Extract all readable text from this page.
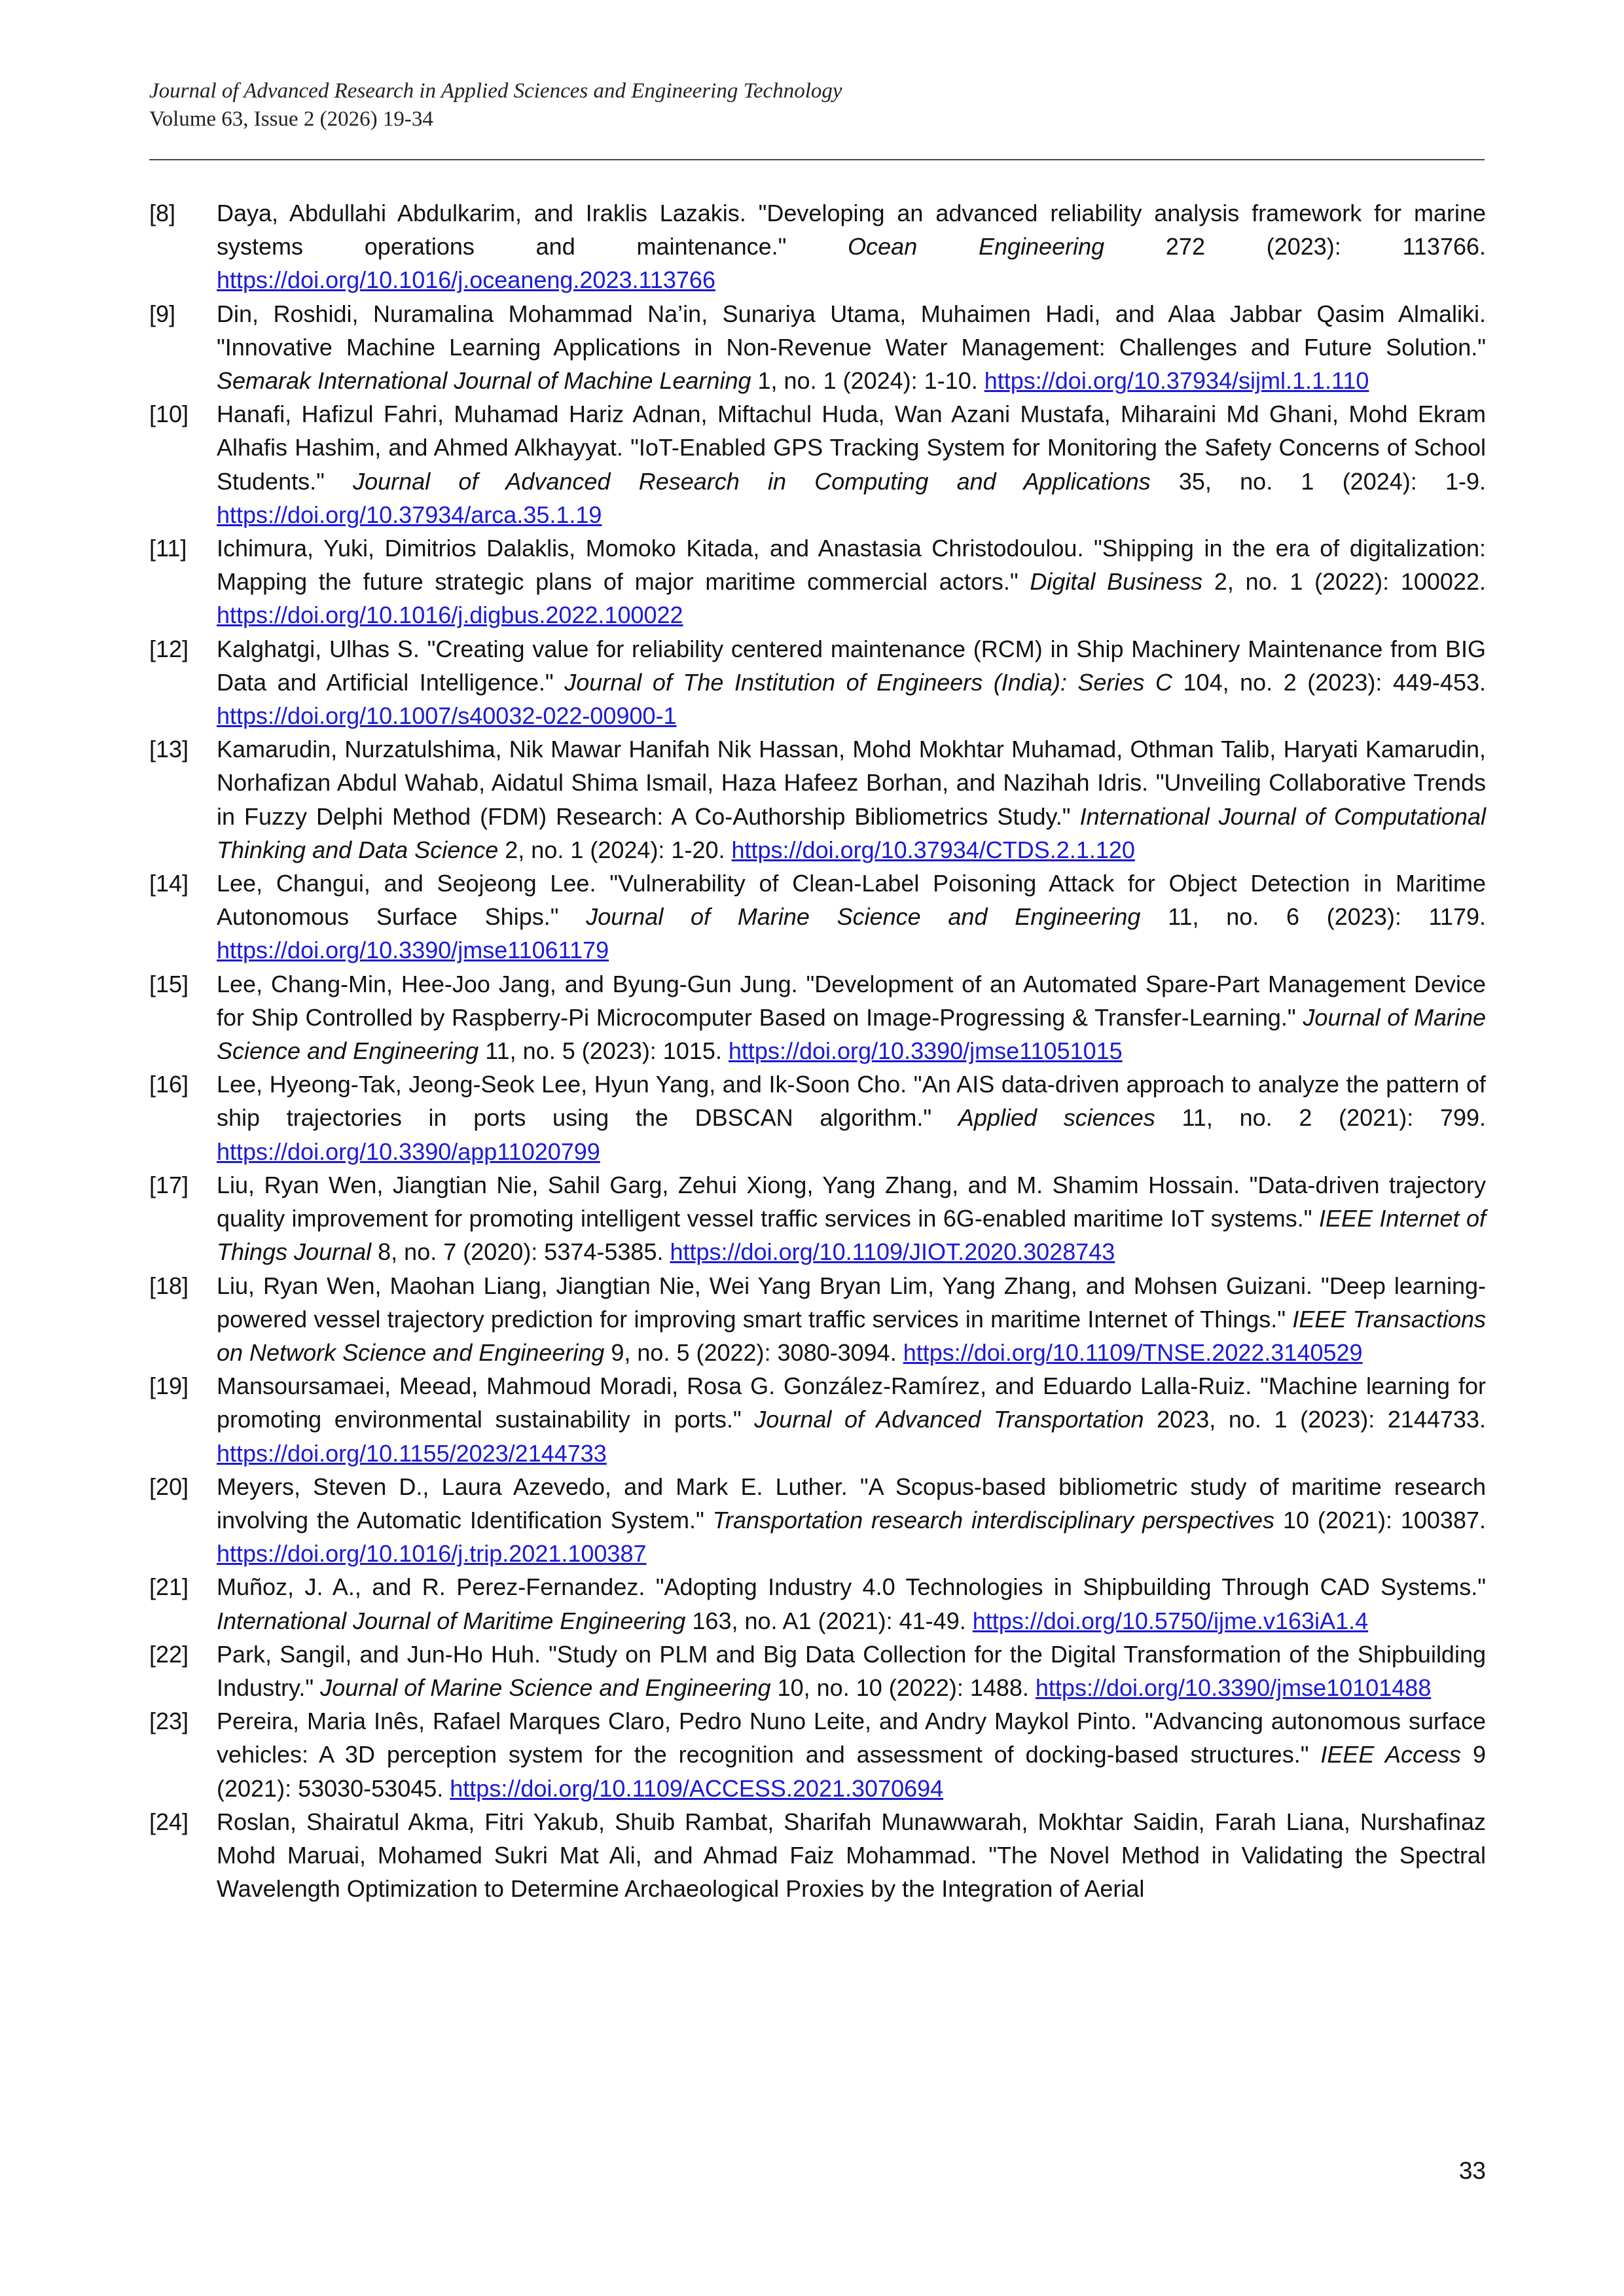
Journal of Advanced Research in Applied Sciences and Engineering Technology
Volume 63, Issue 2 (2026) 19-34
[8] Daya, Abdullahi Abdulkarim, and Iraklis Lazakis. "Developing an advanced reliability analysis framework for marine systems operations and maintenance." Ocean Engineering 272 (2023): 113766. https://doi.org/10.1016/j.oceaneng.2023.113766
[9] Din, Roshidi, Nuramalina Mohammad Na’in, Sunariya Utama, Muhaimen Hadi, and Alaa Jabbar Qasim Almaliki. "Innovative Machine Learning Applications in Non-Revenue Water Management: Challenges and Future Solution." Semarak International Journal of Machine Learning 1, no. 1 (2024): 1-10. https://doi.org/10.37934/sijml.1.1.110
[10] Hanafi, Hafizul Fahri, Muhamad Hariz Adnan, Miftachul Huda, Wan Azani Mustafa, Miharaini Md Ghani, Mohd Ekram Alhafis Hashim, and Ahmed Alkhayyat. "IoT-Enabled GPS Tracking System for Monitoring the Safety Concerns of School Students." Journal of Advanced Research in Computing and Applications 35, no. 1 (2024): 1-9. https://doi.org/10.37934/arca.35.1.19
[11] Ichimura, Yuki, Dimitrios Dalaklis, Momoko Kitada, and Anastasia Christodoulou. "Shipping in the era of digitalization: Mapping the future strategic plans of major maritime commercial actors." Digital Business 2, no. 1 (2022): 100022. https://doi.org/10.1016/j.digbus.2022.100022
[12] Kalghatgi, Ulhas S. "Creating value for reliability centered maintenance (RCM) in Ship Machinery Maintenance from BIG Data and Artificial Intelligence." Journal of The Institution of Engineers (India): Series C 104, no. 2 (2023): 449-453. https://doi.org/10.1007/s40032-022-00900-1
[13] Kamarudin, Nurzatulshima, Nik Mawar Hanifah Nik Hassan, Mohd Mokhtar Muhamad, Othman Talib, Haryati Kamarudin, Norhafizan Abdul Wahab, Aidatul Shima Ismail, Haza Hafeez Borhan, and Nazihah Idris. "Unveiling Collaborative Trends in Fuzzy Delphi Method (FDM) Research: A Co-Authorship Bibliometrics Study." International Journal of Computational Thinking and Data Science 2, no. 1 (2024): 1-20. https://doi.org/10.37934/CTDS.2.1.120
[14] Lee, Changui, and Seojeong Lee. "Vulnerability of Clean-Label Poisoning Attack for Object Detection in Maritime Autonomous Surface Ships." Journal of Marine Science and Engineering 11, no. 6 (2023): 1179. https://doi.org/10.3390/jmse11061179
[15] Lee, Chang-Min, Hee-Joo Jang, and Byung-Gun Jung. "Development of an Automated Spare-Part Management Device for Ship Controlled by Raspberry-Pi Microcomputer Based on Image-Progressing & Transfer-Learning." Journal of Marine Science and Engineering 11, no. 5 (2023): 1015. https://doi.org/10.3390/jmse11051015
[16] Lee, Hyeong-Tak, Jeong-Seok Lee, Hyun Yang, and Ik-Soon Cho. "An AIS data-driven approach to analyze the pattern of ship trajectories in ports using the DBSCAN algorithm." Applied sciences 11, no. 2 (2021): 799. https://doi.org/10.3390/app11020799
[17] Liu, Ryan Wen, Jiangtian Nie, Sahil Garg, Zehui Xiong, Yang Zhang, and M. Shamim Hossain. "Data-driven trajectory quality improvement for promoting intelligent vessel traffic services in 6G-enabled maritime IoT systems." IEEE Internet of Things Journal 8, no. 7 (2020): 5374-5385. https://doi.org/10.1109/JIOT.2020.3028743
[18] Liu, Ryan Wen, Maohan Liang, Jiangtian Nie, Wei Yang Bryan Lim, Yang Zhang, and Mohsen Guizani. "Deep learning-powered vessel trajectory prediction for improving smart traffic services in maritime Internet of Things." IEEE Transactions on Network Science and Engineering 9, no. 5 (2022): 3080-3094. https://doi.org/10.1109/TNSE.2022.3140529
[19] Mansoursamaei, Meead, Mahmoud Moradi, Rosa G. González-Ramírez, and Eduardo Lalla-Ruiz. "Machine learning for promoting environmental sustainability in ports." Journal of Advanced Transportation 2023, no. 1 (2023): 2144733. https://doi.org/10.1155/2023/2144733
[20] Meyers, Steven D., Laura Azevedo, and Mark E. Luther. "A Scopus-based bibliometric study of maritime research involving the Automatic Identification System." Transportation research interdisciplinary perspectives 10 (2021): 100387. https://doi.org/10.1016/j.trip.2021.100387
[21] Muñoz, J. A., and R. Perez-Fernandez. "Adopting Industry 4.0 Technologies in Shipbuilding Through CAD Systems." International Journal of Maritime Engineering 163, no. A1 (2021): 41-49. https://doi.org/10.5750/ijme.v163iA1.4
[22] Park, Sangil, and Jun-Ho Huh. "Study on PLM and Big Data Collection for the Digital Transformation of the Shipbuilding Industry." Journal of Marine Science and Engineering 10, no. 10 (2022): 1488. https://doi.org/10.3390/jmse10101488
[23] Pereira, Maria Inês, Rafael Marques Claro, Pedro Nuno Leite, and Andry Maykol Pinto. "Advancing autonomous surface vehicles: A 3D perception system for the recognition and assessment of docking-based structures." IEEE Access 9 (2021): 53030-53045. https://doi.org/10.1109/ACCESS.2021.3070694
[24] Roslan, Shairatul Akma, Fitri Yakub, Shuib Rambat, Sharifah Munawwarah, Mokhtar Saidin, Farah Liana, Nurshafinaz Mohd Maruai, Mohamed Sukri Mat Ali, and Ahmad Faiz Mohammad. "The Novel Method in Validating the Spectral Wavelength Optimization to Determine Archaeological Proxies by the Integration of Aerial
33
